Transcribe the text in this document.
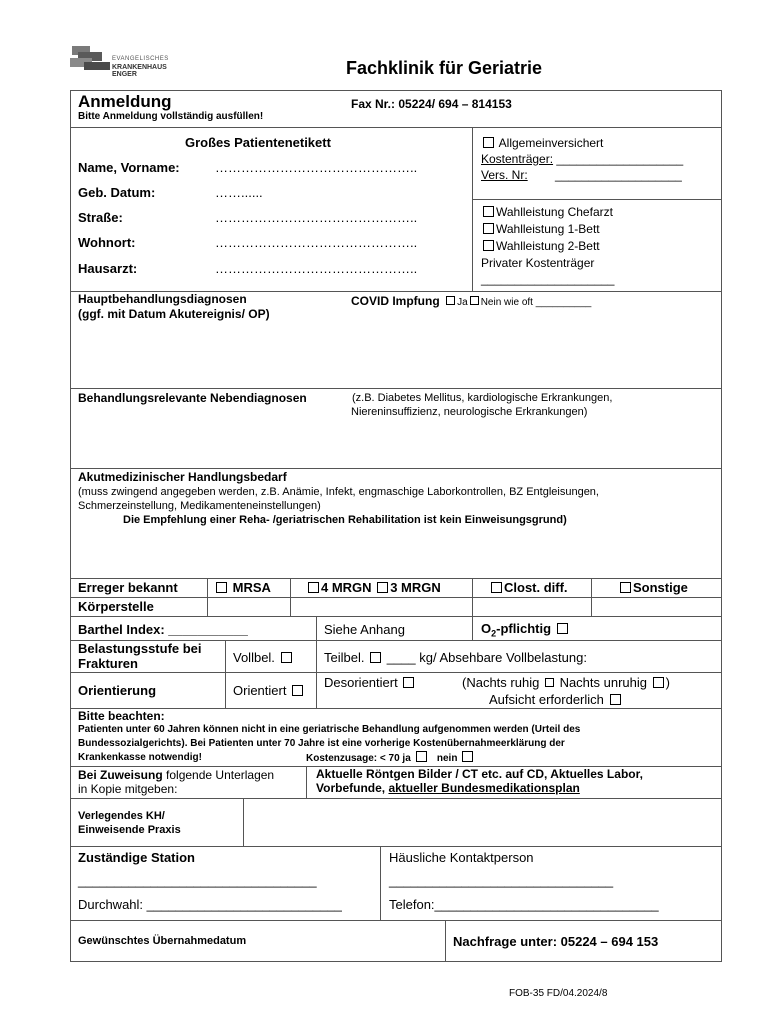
EVANGELISCHES
KRANKENHAUS ENGER	Fachklinik für Geriatrie
Anmeldung
Bitte Anmeldung vollständig ausfüllen!
Fax Nr.: 05224/ 694 – 814153
Großes Patientenetikett
Name, Vorname:	………………………………………..
Geb. Datum:	……......
Straße:	………………………………………..
Wohnort:	………………………………………..
Hausarzt:	………………………………………..
Allgemeinversichert
Kostenträger: ___________________
Vers. Nr: ___________________
Wahlleistung Chefarzt
Wahlleistung 1-Bett
Wahlleistung 2-Bett
Privater Kostenträger
____________________
Hauptbehandlungsdiagnosen
(ggf. mit Datum Akutereignis/ OP)
COVID Impfung Ja Nein wie oft __________
Behandlungsrelevante Nebendiagnosen	(z.B. Diabetes Mellitus, kardiologische Erkrankungen,
Niereninsuffizienz, neurologische Erkrankungen)
Akutmedizinischer Handlungsbedarf
(muss zwingend angegeben werden, z.B. Anämie, Infekt, engmaschige Laborkontrollen, BZ Entgleisungen,
Schmerzeinstellung, Medikamenteneinstellungen)
Die Empfehlung einer Reha- /geriatrischen Rehabilitation ist kein Einweisungsgrund)
Erreger bekannt	MRSA	4 MRGN 3 MRGN	Clost. diff.	Sonstige
Körperstelle
Barthel Index: ___________	Siehe Anhang	$O_2$-pflichtig
Belastungsstufe bei Frakturen	Vollbel.	Teilbel. ____ kg/ Absehbare Vollbelastung:
Orientierung	Orientiert
Desorientiert	(Nachts ruhig Nachts unruhig )
Aufsicht erforderlich
Bitte beachten:
Patienten unter 60 Jahren können nicht in eine geriatrische Behandlung aufgenommen werden (Urteil des
Bundessozialgerichts). Bei Patienten unter 70 Jahre ist eine vorherige Kostenübernahmeerklärung der
Krankenkasse notwendig!	Kostenzusage: < 70 ja	nein
Bei Zuweisung folgende Unterlagen
in Kopie mitgeben:
Aktuelle Röntgen Bilder / CT etc. auf CD, Aktuelles Labor,
Vorbefunde, aktueller Bundesmedikationsplan
Verlegendes KH/
Einweisende Praxis
Zuständige Station
_________________________________
Durchwahl: ___________________________
Häusliche Kontaktperson
_______________________________
Telefon:_______________________________
Gewünschtes Übernahmedatum	Nachfrage unter: 05224 – 694 153
FOB-35 FD/04.2024/8
